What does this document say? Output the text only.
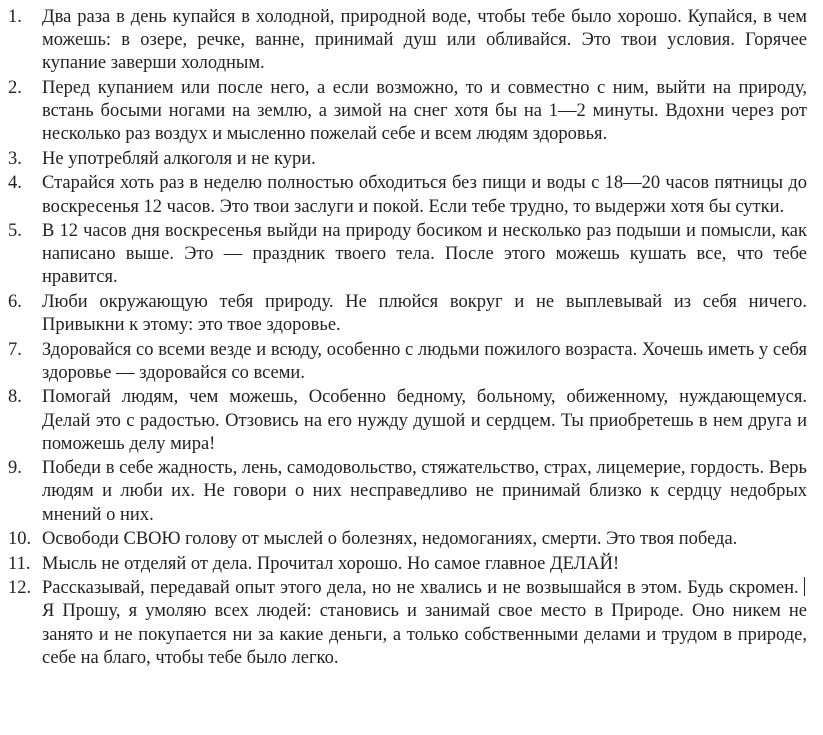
1.	Два раза в день купайся в холодной, природной воде, чтобы тебе было хорошо. Купайся, в чем можешь: в озере, речке, ванне, принимай душ или обливайся. Это твои условия. Горячее купание заверши холодным.
2.	Перед купанием или после него, а если возможно, то и совместно с ним, выйти на природу, встань босыми ногами на землю, а зимой на снег хотя бы на 1—2 минуты. Вдохни через рот несколько раз воздух и мысленно пожелай себе и всем людям здоровья.
3.	Не употребляй алкоголя и не кури.
4.	Старайся хоть раз в неделю полностью обходиться без пищи и воды с 18—20 часов пятницы до воскресенья 12 часов. Это твои заслуги и покой. Если тебе трудно, то выдержи хотя бы сутки.
5.	В 12 часов дня воскресенья выйди на природу босиком и несколько раз подыши и помысли, как написано выше. Это — праздник твоего тела. После этого можешь кушать все, что тебе нравится.
6.	Люби окружающую тебя природу. Не плюйся вокруг и не выплевывай из себя ничего. Привыкни к этому: это твое здоровье.
7.	Здоровайся со всеми везде и всюду, особенно с людьми пожилого возраста. Хочешь иметь у себя здоровье — здоровайся со всеми.
8.	Помогай людям, чем можешь, Особенно бедному, больному, обиженному, нуждающемуся. Делай это с радостью. Отзовись на его нужду душой и сердцем. Ты приобретешь в нем друга и поможешь делу мира!
9.	Победи в себе жадность, лень, самодовольство, стяжательство, страх, лицемерие, гордость. Верь людям и люби их. Не говори о них несправедливо не принимай близко к сердцу недобрых мнений о них.
10. Освободи СВОЮ голову от мыслей о болезнях, недомоганиях, смерти. Это твоя победа.
11. Мысль не отделяй от дела. Прочитал хорошо. Но самое главное ДЕЛАЙ!
12. Рассказывай, передавай опыт этого дела, но не хвались и не возвышайся в этом. Будь скромен. Я Прошу, я умоляю всех людей: становись и занимай свое место в Природе. Оно никем не занято и не покупается ни за какие деньги, а только собственными делами и трудом в природе, себе на благо, чтобы тебе было легко.
